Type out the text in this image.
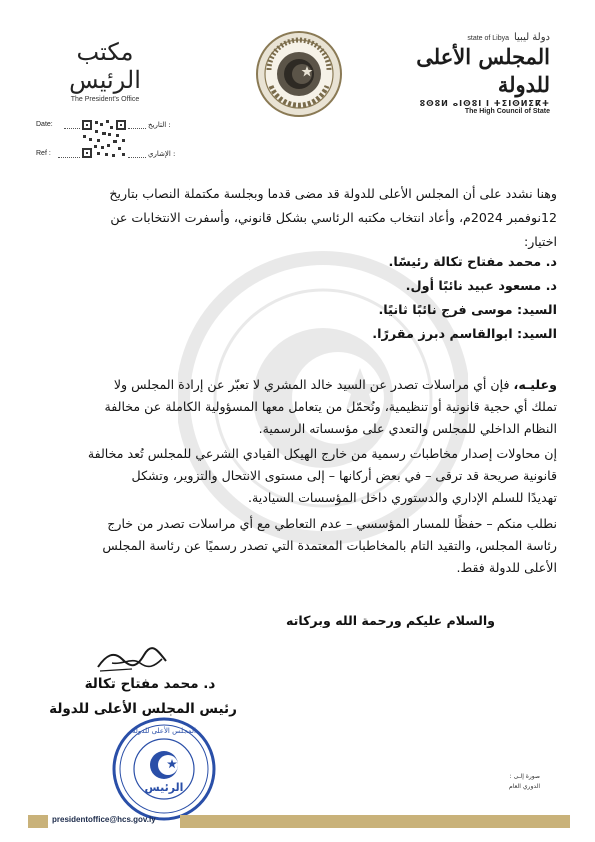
مكتب الرئيس
The President's Office
state of Libya دولة ليبيا
المجلس الأعلى للدولة
ⵓⵙⵓⵍ ⴰⵏⵙⵓⵏ ⵏ ⵜⵉⵏⵙⵍⵉⴽⵜ
The High Council of State
Date:	التاريخ :
Ref :	الإشاري :

وهنا نشدد على أن المجلس الأعلى للدولة قد مضى قدما وبجلسة مكتملة النصاب بتاريخ

12نوفمبر 2024م، وأعاد انتخاب مكتبه الرئاسي بشكل قانوني، وأسفرت الانتخابات عن

اختيار:

د. محمد مفتاح تكالة رئيسًا.
د. مسعود عبيد نائبًا أول.
السيد: موسى فرج نائبًا ثانيًا.
السيد: ابوالقاسم دبرز مقررًا.

وعليـه، فإن أي مراسلات تصدر عن السيد خالد المشري لا تعبّر عن إرادة المجلس ولا

تملك أي حجية قانونية أو تنظيمية، ونُحمّل من يتعامل معها المسؤولية الكاملة عن مخالفة

النظام الداخلي للمجلس والتعدي على مؤسساته الرسمية.

إن محاولات إصدار مخاطبات رسمية من خارج الهيكل القيادي الشرعي للمجلس تُعد مخالفة

قانونية صريحة قد ترقى – في بعض أركانها – إلى مستوى الانتحال والتزوير، وتشكل

تهديدًا للسلم الإداري والدستوري داخل المؤسسات السيادية.

نطلب منكم – حفظًا للمسار المؤسسي – عدم التعاطي مع أي مراسلات تصدر من خارج

رئاسة المجلس، والتقيد التام بالمخاطبات المعتمدة التي تصدر رسميًا عن رئاسة المجلس

الأعلى للدولة فقط.

والسلام عليكم ورحمة الله وبركاته
د. محمد مفتاح تكالة
رئيس المجلس الأعلى للدولة
الرئيس
المجلس الأعلى للدولة
صورة إلـى :
الدوري العام
presidentoffice@hcs.gov.ly
